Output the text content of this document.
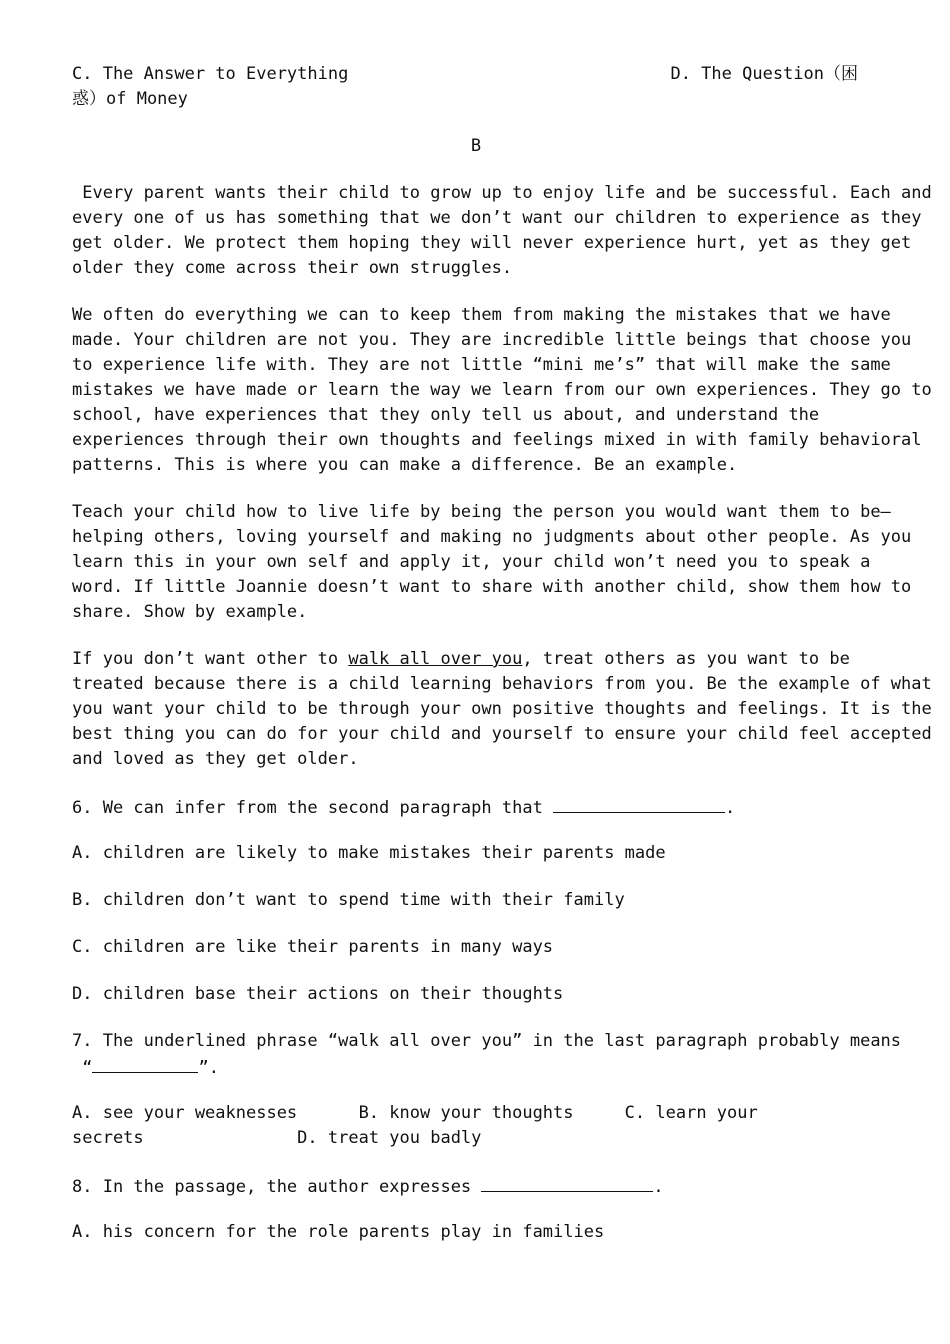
C. The Answer to Everything	D. The Question（困
惑）of Money
B
Every parent wants their child to grow up to enjoy life and be successful. Each and
every one of us has something that we don’t want our children to experience as they
get older. We protect them hoping they will never experience hurt, yet as they get
older they come across their own struggles.
We often do everything we can to keep them from making the mistakes that we have
made. Your children are not you. They are incredible little beings that choose you
to experience life with. They are not little “mini me’s” that will make the same
mistakes we have made or learn the way we learn from our own experiences. They go to
school, have experiences that they only tell us about, and understand the
experiences through their own thoughts and feelings mixed in with family behavioral
patterns. This is where you can make a difference. Be an example.
Teach your child how to live life by being the person you would want them to be—
helping others, loving yourself and making no judgments about other people. As you
learn this in your own self and apply it, your child won’t need you to speak a
word. If little Joannie doesn’t want to share with another child, show them how to
share. Show by example.
If you don’t want other to walk all over you, treat others as you want to be
treated because there is a child learning behaviors from you. Be the example of what
you want your child to be through your own positive thoughts and feelings. It is the
best thing you can do for your child and yourself to ensure your child feel accepted
and loved as they get older.
6. We can infer from the second paragraph that	.
A. children are likely to make mistakes their parents made
B. children don’t want to spend time with their family
C. children are like their parents in many ways
D. children base their actions on their thoughts
7. The underlined phrase “walk all over you” in the last paragraph probably means
“	”.
A. see your weaknesses      B. know your thoughts     C. learn your
secrets               D. treat you badly
8. In the passage, the author expresses	.
A. his concern for the role parents play in families
